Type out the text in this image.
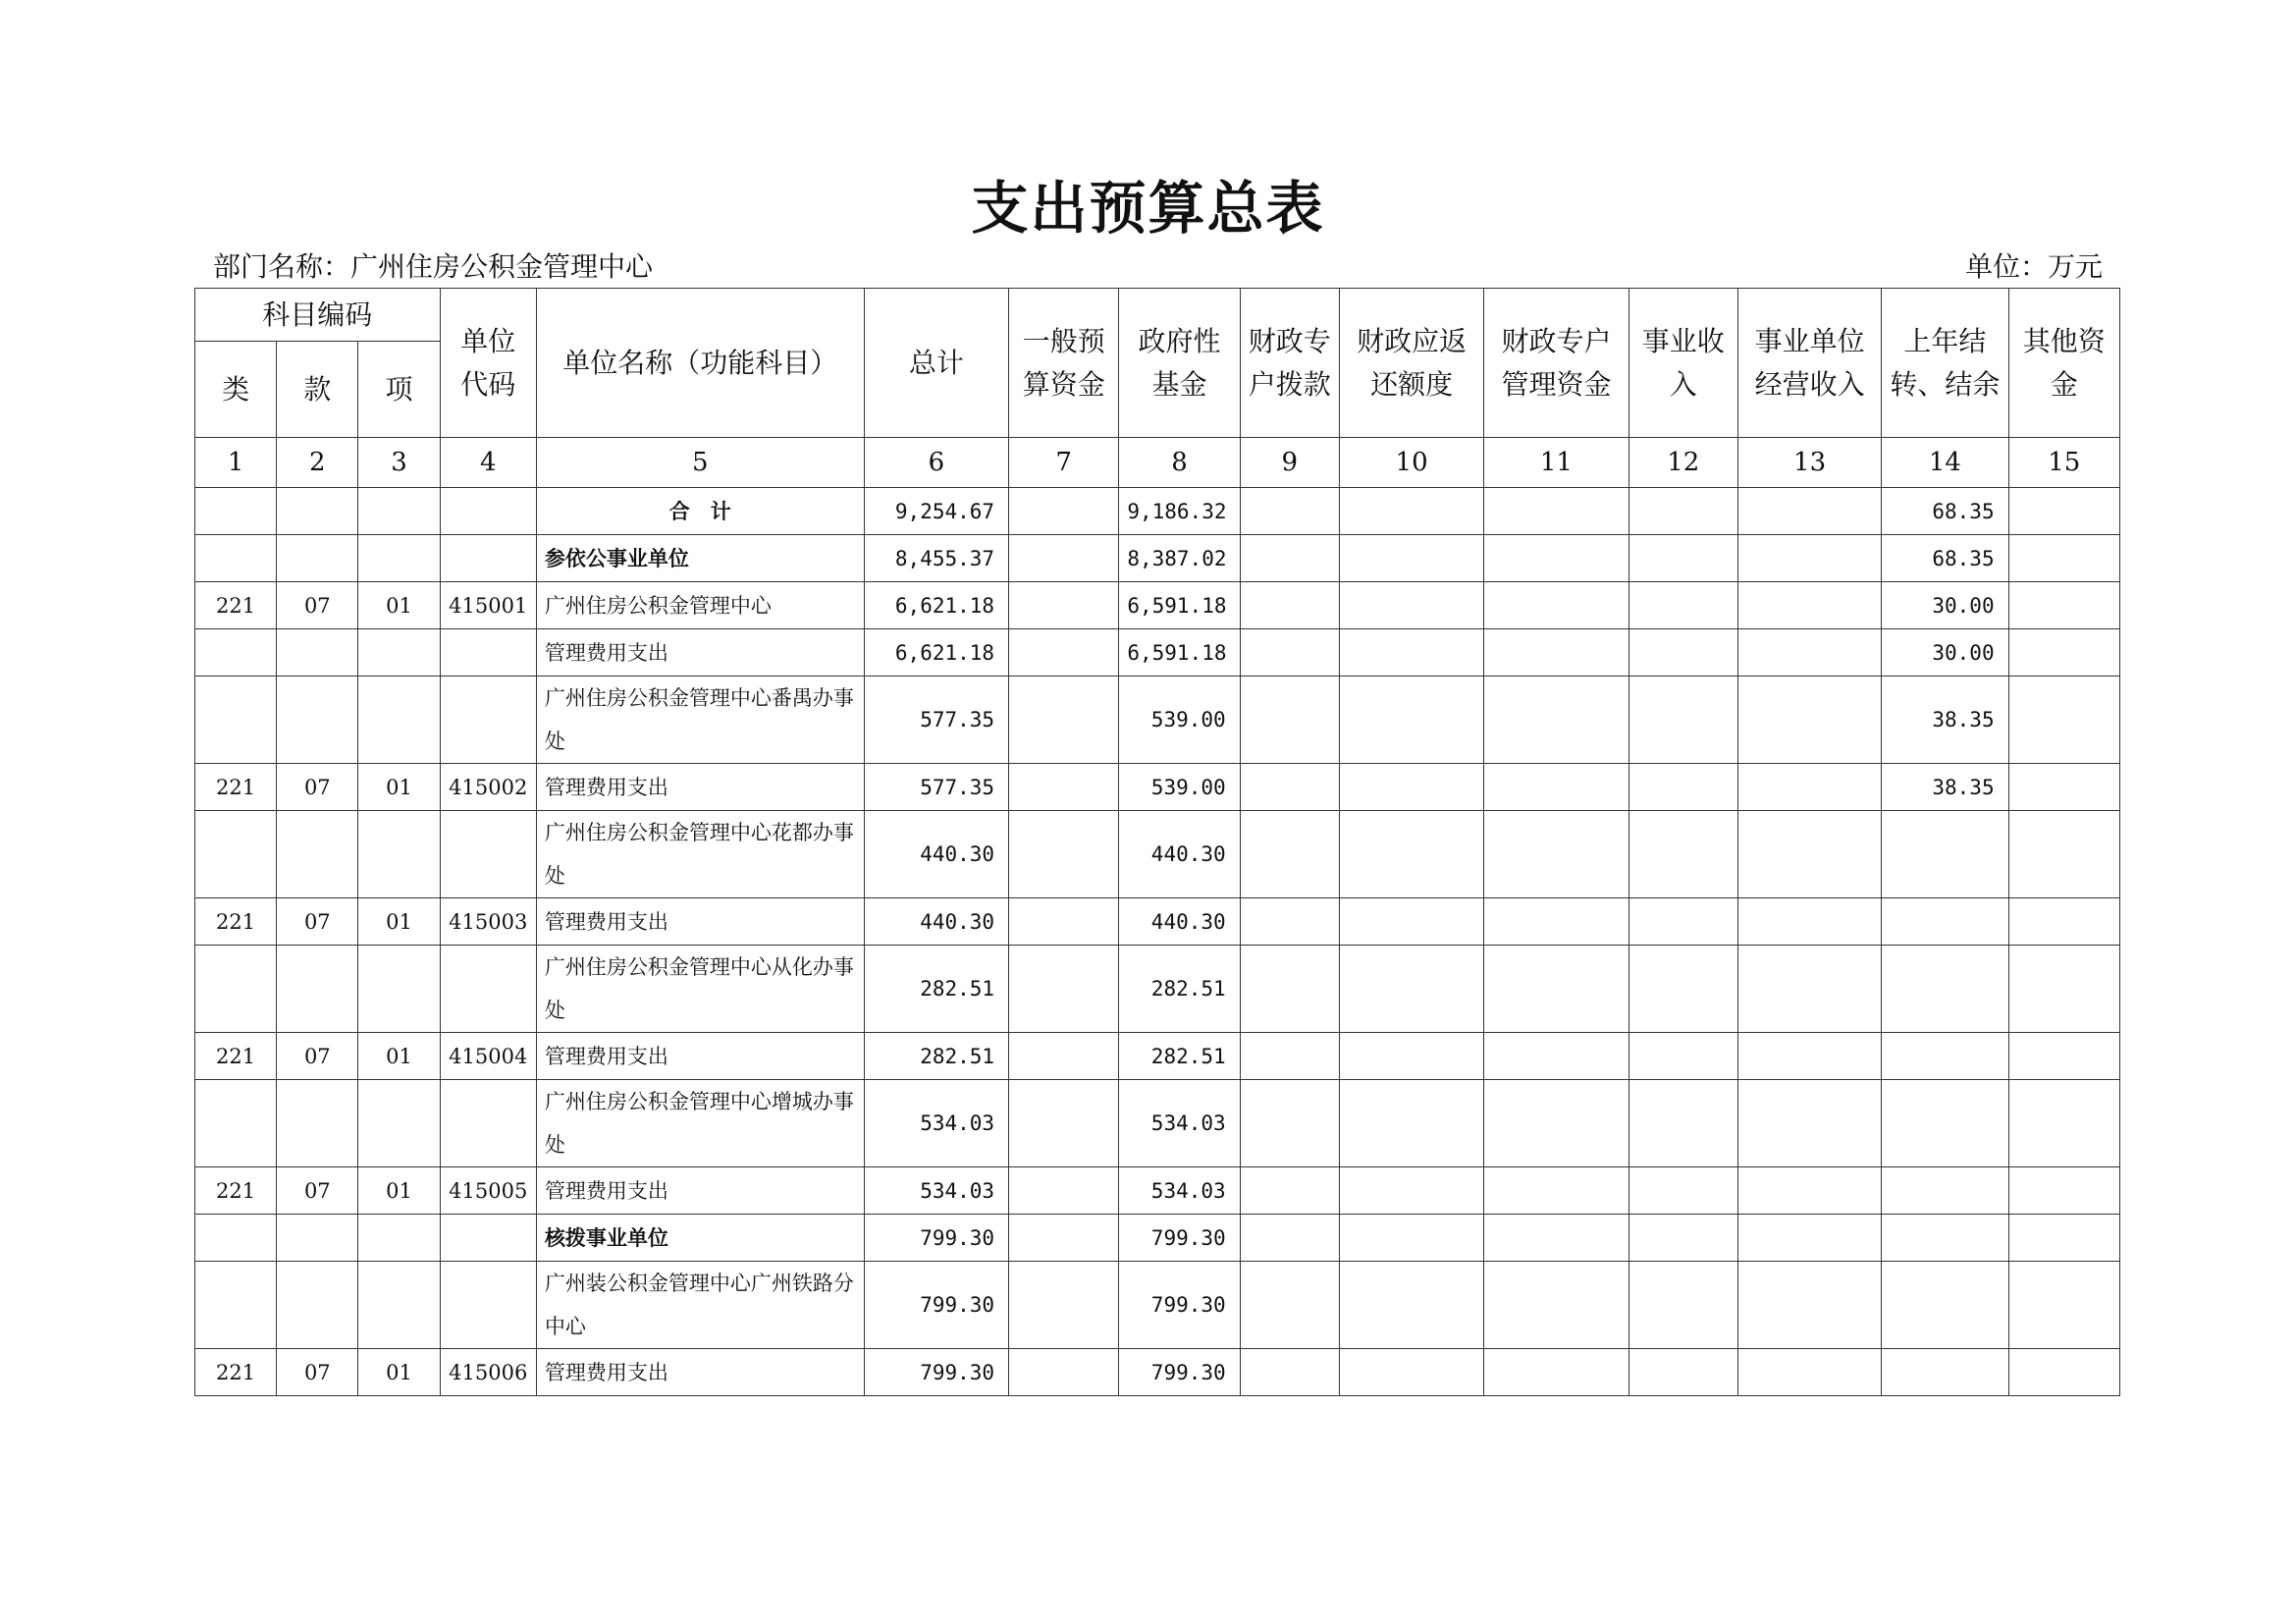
支出预算总表
部门名称：广州住房公积金管理中心	单位：万元
科目编码			单位代码	单位名称（功能科目）	总计	一般预算资金	政府性基金	财政专户拨款	财政应返还额度	财政专户管理资金	事业收入	事业单位经营收入	上年结转、结余	其他资金
类	款	项												
1	2	3	4	5	6	7	8	9	10	11	12	13	14	15
				合　计	9,254.67		9,186.32						68.35	
				参依公事业单位	8,455.37		8,387.02						68.35	
221	07	01	415001	广州住房公积金管理中心	6,621.18		6,591.18						30.00	
				管理费用支出	6,621.18		6,591.18						30.00	
				广州住房公积金管理中心番禺办事处	577.35		539.00						38.35	
221	07	01	415002	管理费用支出	577.35		539.00						38.35	
				广州住房公积金管理中心花都办事处	440.30		440.30							
221	07	01	415003	管理费用支出	440.30		440.30							
				广州住房公积金管理中心从化办事处	282.51		282.51							
221	07	01	415004	管理费用支出	282.51		282.51							
				广州住房公积金管理中心增城办事处	534.03		534.03							
221	07	01	415005	管理费用支出	534.03		534.03							
				核拨事业单位	799.30		799.30							
				广州装公积金管理中心广州铁路分中心	799.30		799.30							
221	07	01	415006	管理费用支出	799.30		799.30							
